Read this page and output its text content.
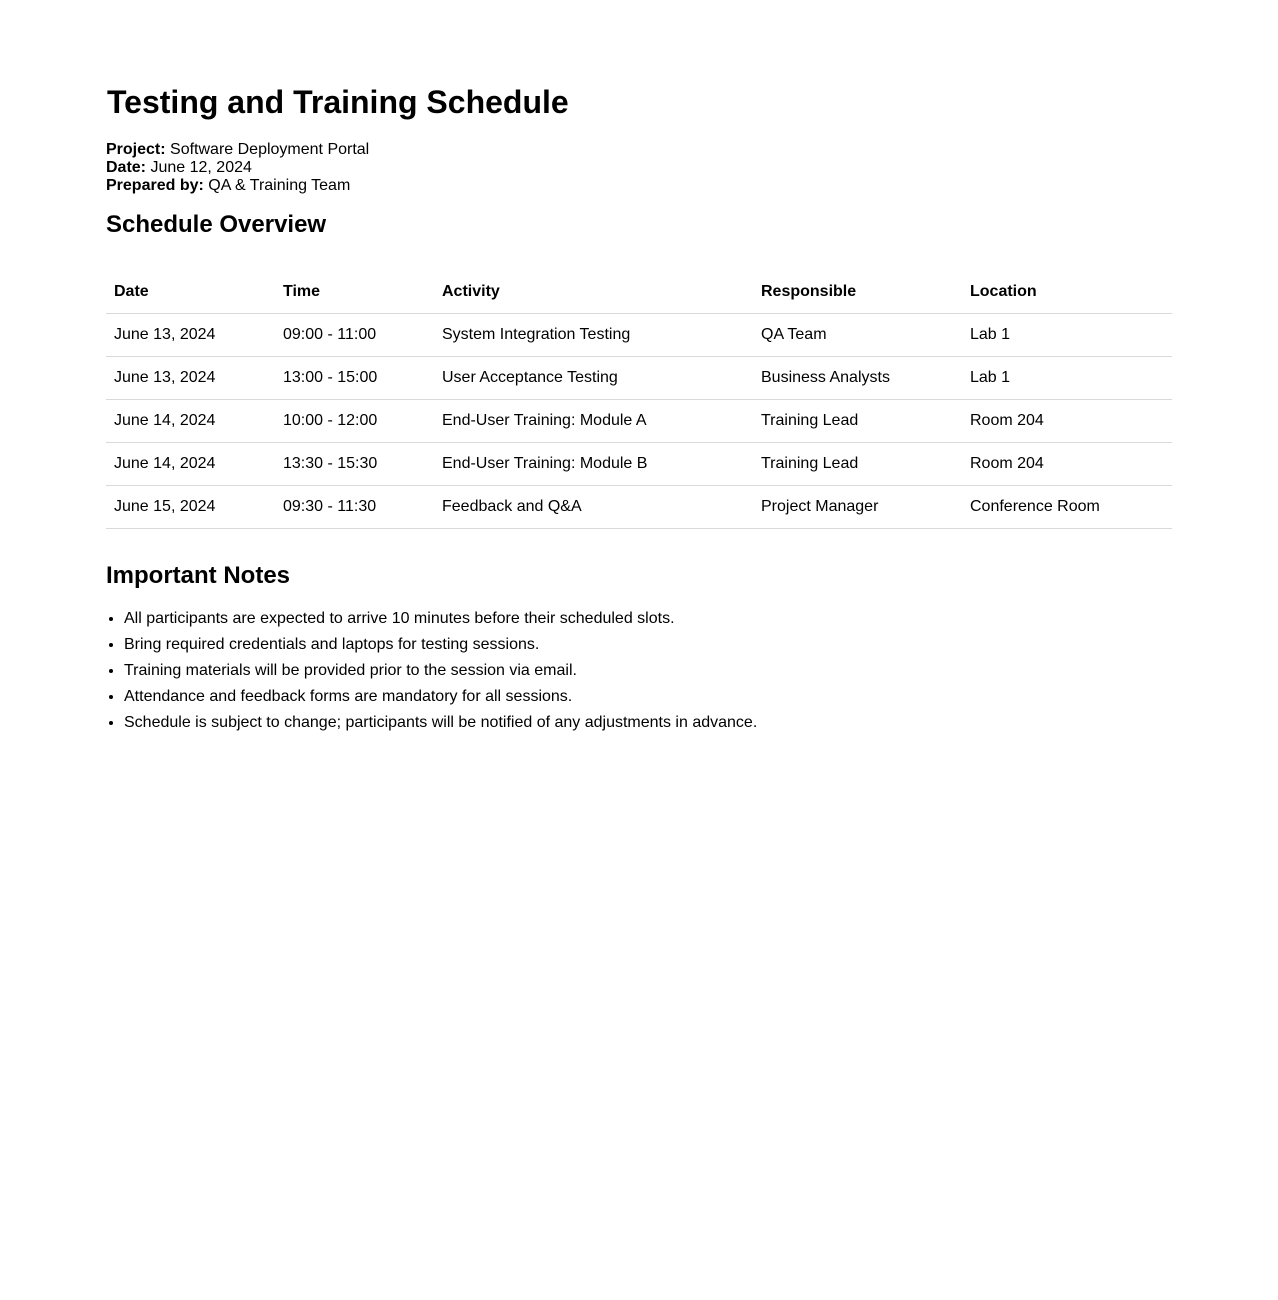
Testing and Training Schedule
Project: Software Deployment Portal
Date: June 12, 2024
Prepared by: QA & Training Team
Schedule Overview
Date	Time	Activity	Responsible	Location
June 13, 2024	09:00 - 11:00	System Integration Testing	QA Team	Lab 1
June 13, 2024	13:00 - 15:00	User Acceptance Testing	Business Analysts	Lab 1
June 14, 2024	10:00 - 12:00	End-User Training: Module A	Training Lead	Room 204
June 14, 2024	13:30 - 15:30	End-User Training: Module B	Training Lead	Room 204
June 15, 2024	09:30 - 11:30	Feedback and Q&A	Project Manager	Conference Room
Important Notes
• All participants are expected to arrive 10 minutes before their scheduled slots.
• Bring required credentials and laptops for testing sessions.
• Training materials will be provided prior to the session via email.
• Attendance and feedback forms are mandatory for all sessions.
• Schedule is subject to change; participants will be notified of any adjustments in advance.
